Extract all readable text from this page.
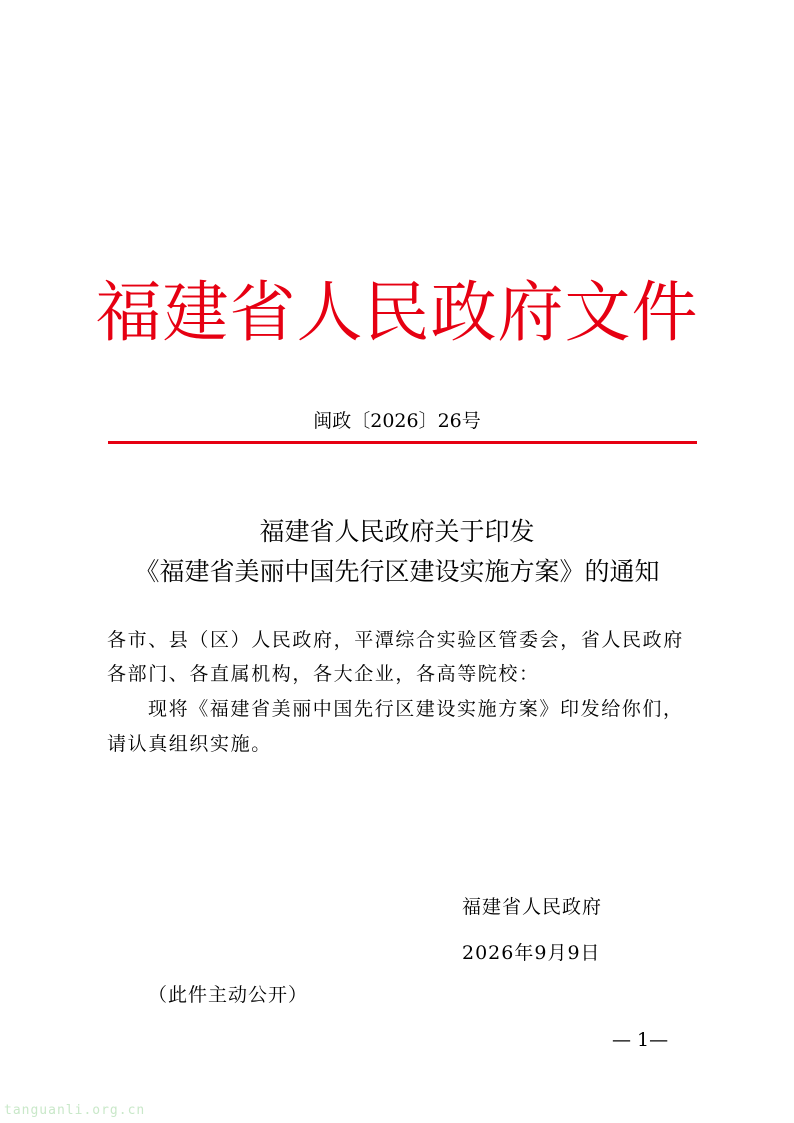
福建省人民政府文件
闽政〔2026〕26号
福建省人民政府关于印发
《福建省美丽中国先行区建设实施方案》的通知
各市、县（区）人民政府，平潭综合实验区管委会，省人民政府
各部门、各直属机构，各大企业，各高等院校：
现将《福建省美丽中国先行区建设实施方案》印发给你们，
请认真组织实施。
福建省人民政府
2026年9月9日
（此件主动公开）
— 1—
tanguanli.org.cn
